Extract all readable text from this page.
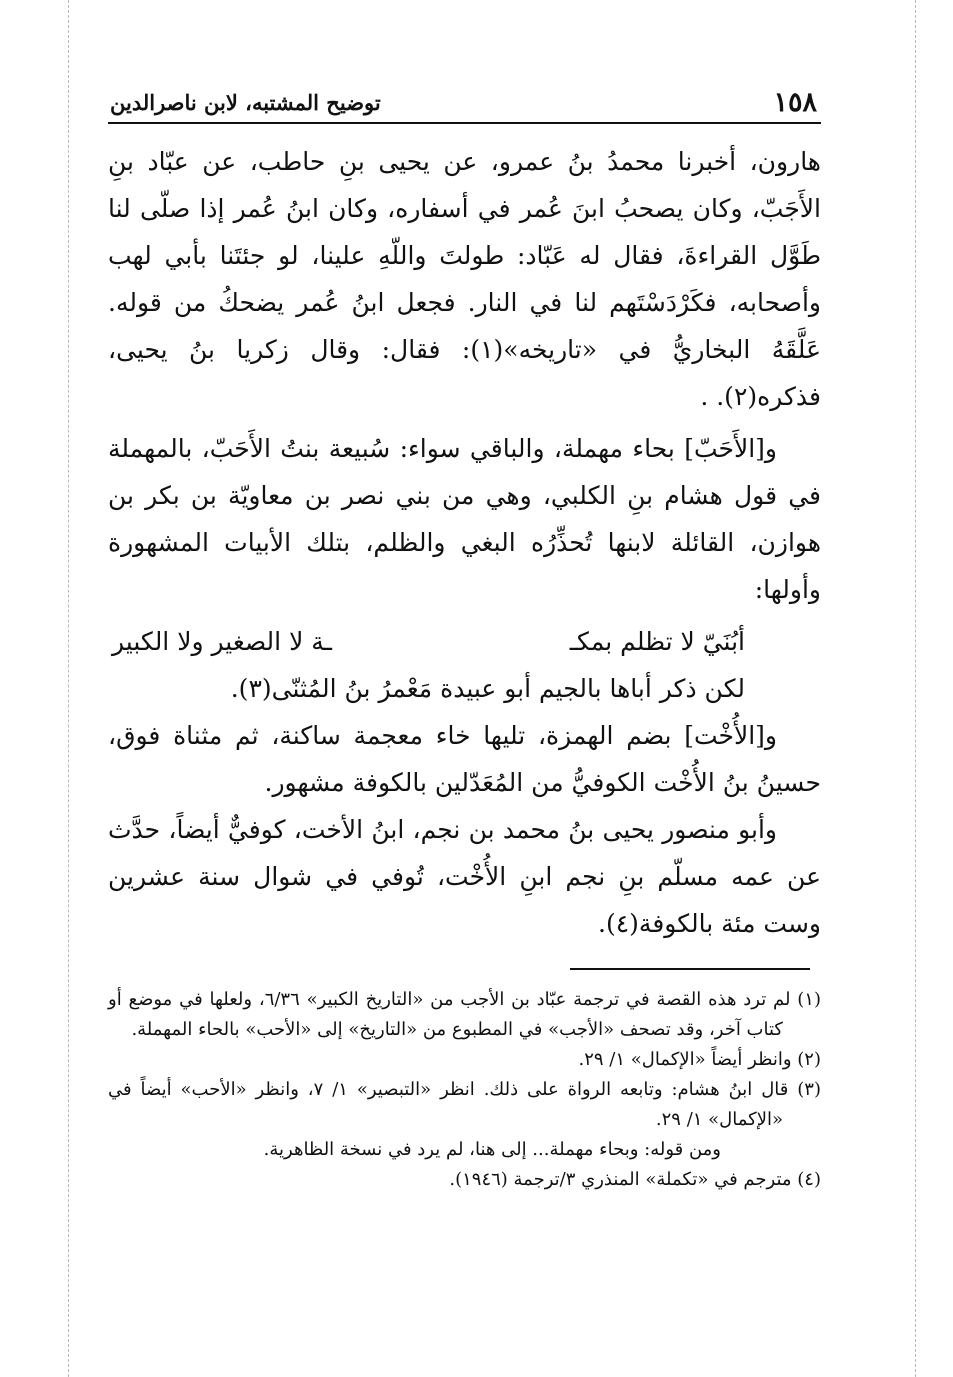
١٥٨
توضيح المشتبه، لابن ناصرالدين

هارون، أخبرنا محمدُ بنُ عمرو، عن يحيى بنِ حاطب، عن عبّاد بنِ الأَجَبّ، وكان يصحبُ ابنَ عُمر في أسفاره، وكان ابنُ عُمر إذا صلّى لنا طَوَّل القراءةَ، فقال له عَبّاد: طولتَ واللّهِ علينا، لو جئتَنا بأبي لهب وأصحابه، فكَرْدَسْتَهم لنا في النار. فجعل ابنُ عُمر يضحكُ من قوله. عَلَّقَهُ البخاريُّ في «تاريخه»(١): فقال: وقال زكريا بنُ يحيى، فذكره(٢). .

و[الأَحَبّ] بحاء مهملة، والباقي سواء: سُبيعة بنتُ الأَحَبّ، بالمهملة في قول هشام بنِ الكلبي، وهي من بني نصر بن معاويّة بن بكر بن هوازن، القائلة لابنها تُحذِّرُه البغي والظلم، بتلك الأبيات المشهورة وأولها:

أبُنَيّ لا تظلم بمكـ
ـة لا الصغير ولا الكبير

لكن ذكر أباها بالجيم أبو عبيدة مَعْمرُ بنُ المُثنّى(٣).

و[الأُخْت] بضم الهمزة، تليها خاء معجمة ساكنة، ثم مثناة فوق، حسينُ بنُ الأُخْت الكوفيُّ من المُعَدّلين بالكوفة مشهور.

وأبو منصور يحيى بنُ محمد بن نجم، ابنُ الأخت، كوفيٌّ أيضاً، حدَّث عن عمه مسلّم بنِ نجم ابنِ الأُخْت، تُوفي في شوال سنة عشرين وست مئة بالكوفة(٤).

(١) لم ترد هذه القصة في ترجمة عبّاد بن الأجب من «التاريخ الكبير» ٦/٣٦، ولعلها في موضع أو كتاب آخر، وقد تصحف «الأجب» في المطبوع من «التاريخ» إلى «الأحب» بالحاء المهملة.

(٢) وانظر أيضاً «الإكمال» ١/ ٢٩.

(٣) قال ابنُ هشام: وتابعه الرواة على ذلك. انظر «التبصير» ١/ ٧، وانظر «الأحب» أيضاً في «الإكمال» ١/ ٢٩.

ومن قوله: وبحاء مهملة... إلى هنا، لم يرد في نسخة الظاهرية.

(٤) مترجم في «تكملة» المنذري ٣/ترجمة (١٩٤٦).
